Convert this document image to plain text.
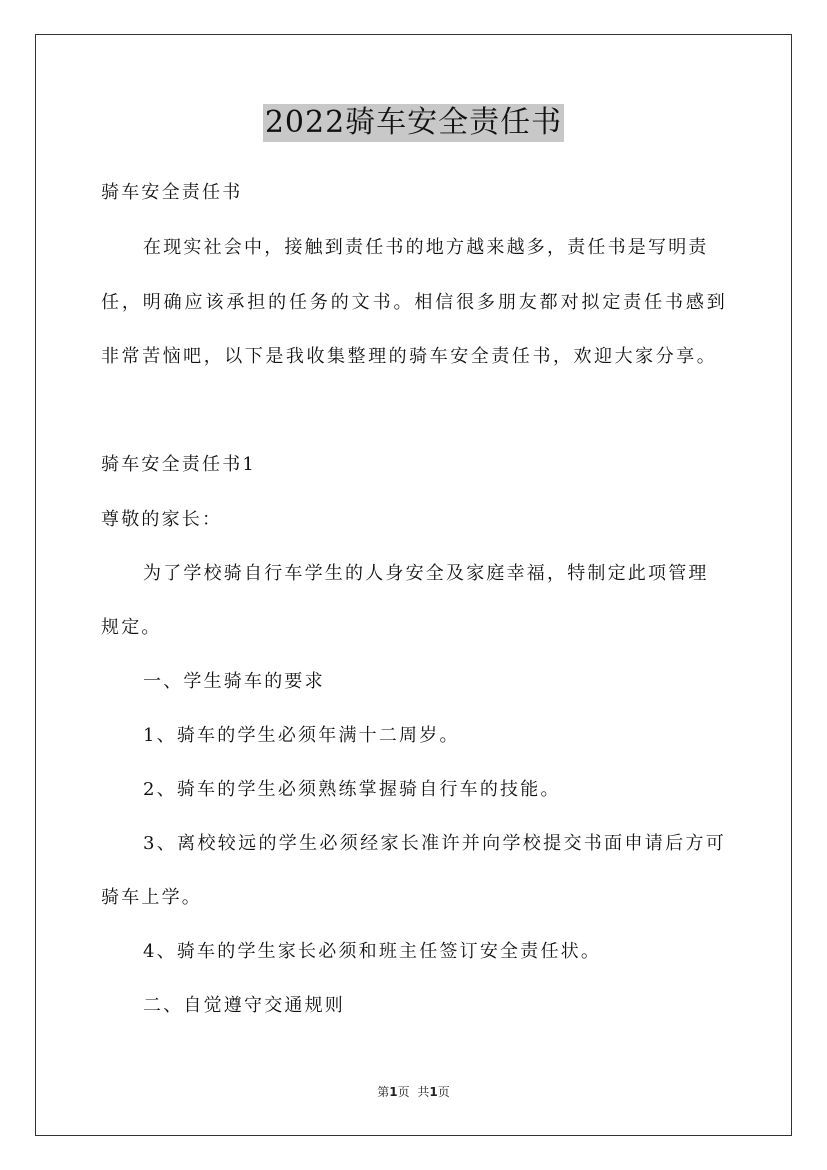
2022骑车安全责任书
骑车安全责任书
在现实社会中，接触到责任书的地方越来越多，责任书是写明责
任，明确应该承担的任务的文书。相信很多朋友都对拟定责任书感到
非常苦恼吧，以下是我收集整理的骑车安全责任书，欢迎大家分享。
骑车安全责任书1
尊敬的家长：
为了学校骑自行车学生的人身安全及家庭幸福，特制定此项管理
规定。
一、学生骑车的要求
1、骑车的学生必须年满十二周岁。
2、骑车的学生必须熟练掌握骑自行车的技能。
3、离校较远的学生必须经家长准许并向学校提交书面申请后方可
骑车上学。
4、骑车的学生家长必须和班主任签订安全责任状。
二、自觉遵守交通规则
第1页 共1页
